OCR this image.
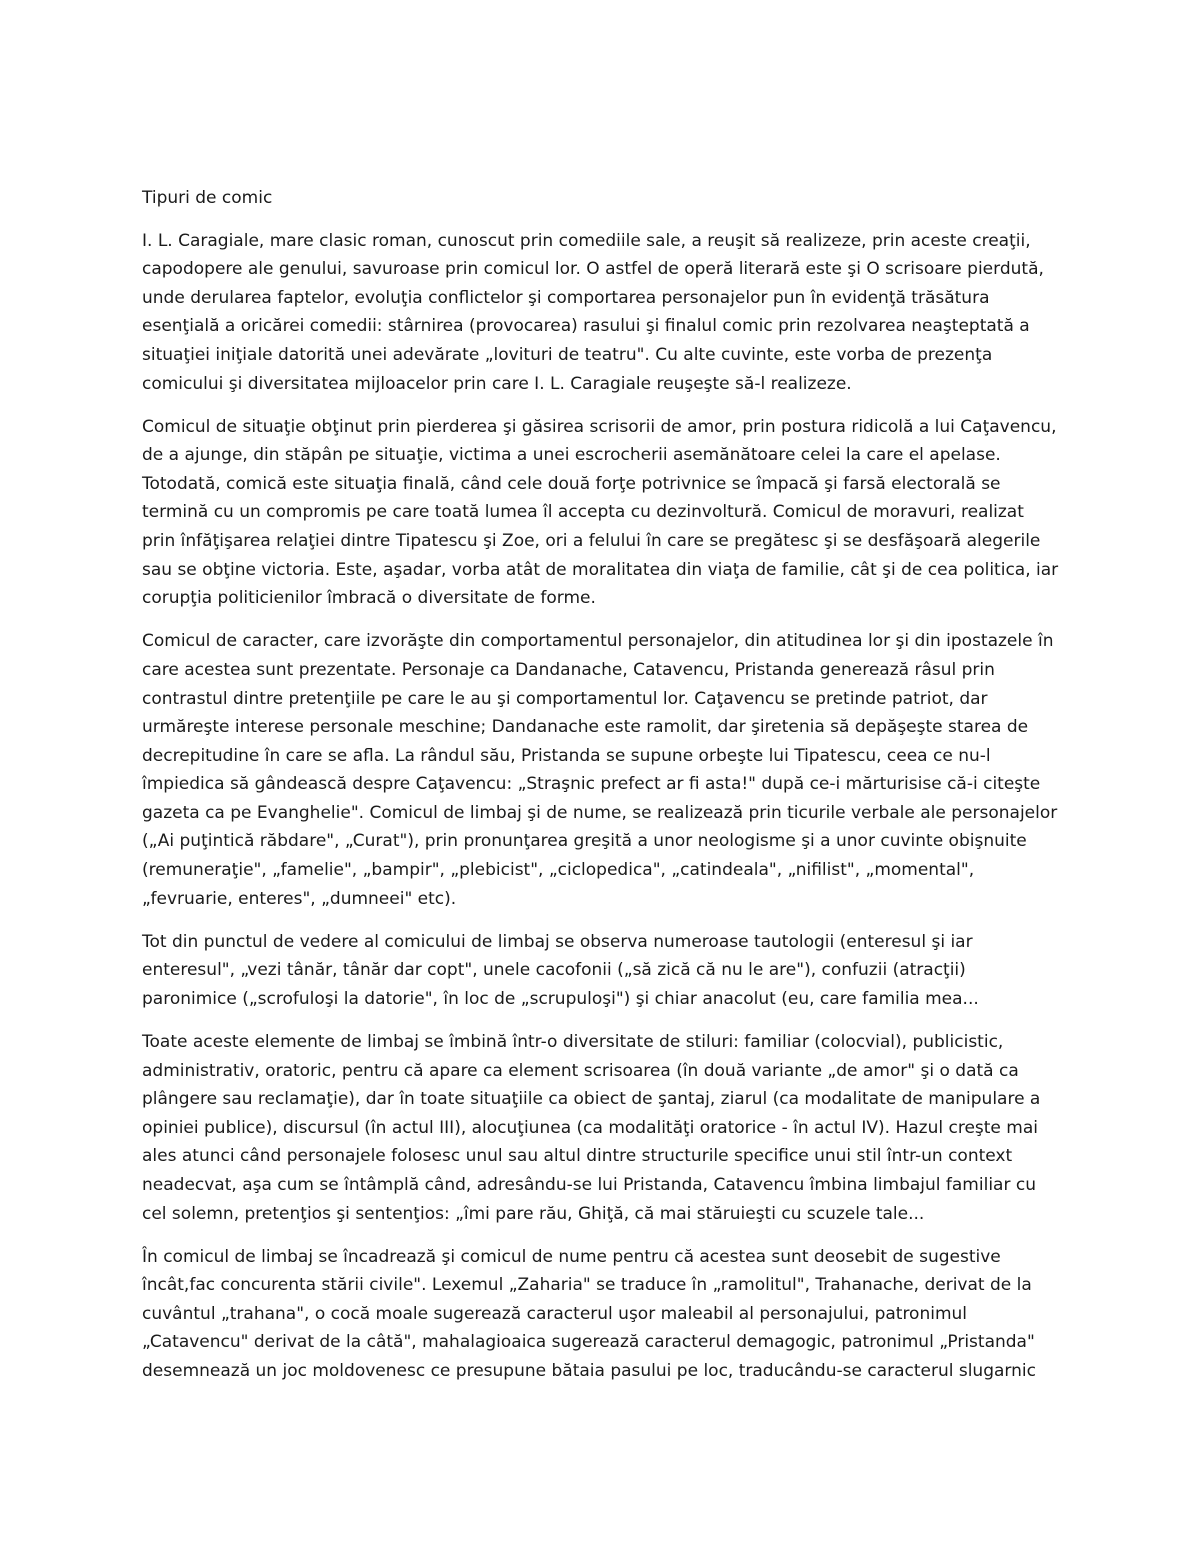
Tipuri de comic

I. L. Caragiale, mare clasic roman, cunoscut prin comediile sale, a reuşit să realizeze, prin aceste creaţii, capodopere ale genului, savuroase prin comicul lor. O astfel de operă literară este şi O scrisoare pierdută, unde derularea faptelor, evoluţia conflictelor şi comportarea personajelor pun în evidenţă trăsătura esenţială a oricărei comedii: stârnirea (provocarea) rasului şi finalul comic prin rezolvarea neaşteptată a situaţiei iniţiale datorită unei adevărate „lovituri de teatru". Cu alte cuvinte, este vorba de prezenţa comicului şi diversitatea mijloacelor prin care I. L. Caragiale reuşeşte să-l realizeze.

Comicul de situaţie obţinut prin pierderea şi găsirea scrisorii de amor, prin postura ridicolă a lui Caţavencu, de a ajunge, din stăpân pe situaţie, victima a unei escrocherii asemănătoare celei la care el apelase. Totodată, comică este situaţia finală, când cele două forţe potrivnice se împacă şi farsă electorală se termină cu un compromis pe care toată lumea îl accepta cu dezinvoltură. Comicul de moravuri, realizat prin înfăţişarea relaţiei dintre Tipatescu şi Zoe, ori a felului în care se pregătesc şi se desfăşoară alegerile sau se obţine victoria. Este, aşadar, vorba atât de moralitatea din viaţa de familie, cât şi de cea politica, iar corupţia politicienilor îmbracă o diversitate de forme.

Comicul de caracter, care izvorăşte din comportamentul personajelor, din atitudinea lor şi din ipostazele în care acestea sunt prezentate. Personaje ca Dandanache, Catavencu, Pristanda generează râsul prin contrastul dintre pretenţiile pe care le au şi comportamentul lor. Caţavencu se pretinde patriot, dar urmăreşte interese personale meschine; Dandanache este ramolit, dar şiretenia să depăşeşte starea de decrepitudine în care se afla. La rândul său, Pristanda se supune orbeşte lui Tipatescu, ceea ce nu-l împiedica să gândească despre Caţavencu: „Straşnic prefect ar fi asta!" după ce-i mărturisise că-i citeşte gazeta ca pe Evanghelie". Comicul de limbaj şi de nume, se realizează prin ticurile verbale ale personajelor („Ai puţintică răbdare", „Curat"), prin pronunţarea greşită a unor neologisme şi a unor cuvinte obişnuite (remuneraţie", „famelie", „bampir", „plebicist", „ciclopedica", „catindeala", „nifilist", „momental", „fevruarie, enteres", „dumneei" etc).

Tot din punctul de vedere al comicului de limbaj se observa numeroase tautologii (enteresul şi iar enteresul", „vezi tânăr, tânăr dar copt", unele cacofonii („să zică că nu le are"), confuzii (atracţii) paronimice („scrofuloşi la datorie", în loc de „scrupuloşi") şi chiar anacolut (eu, care familia mea...

Toate aceste elemente de limbaj se îmbină într-o diversitate de stiluri: familiar (colocvial), publicistic, administrativ, oratoric, pentru că apare ca element scrisoarea (în două variante „de amor" şi o dată ca plângere sau reclamaţie), dar în toate situaţiile ca obiect de şantaj, ziarul (ca modalitate de manipulare a opiniei publice), discursul (în actul III), alocuţiunea (ca modalităţi oratorice - în actul IV). Hazul creşte mai ales atunci când personajele folosesc unul sau altul dintre structurile specifice unui stil într-un context neadecvat, aşa cum se întâmplă când, adresându-se lui Pristanda, Catavencu îmbina limbajul familiar cu cel solemn, pretenţios şi sentenţios: „îmi pare rău, Ghiţă, că mai stăruieşti cu scuzele tale...

În comicul de limbaj se încadrează şi comicul de nume pentru că acestea sunt deosebit de sugestive încât,fac concurenta stării civile". Lexemul „Zaharia" se traduce în „ramolitul", Trahanache, derivat de la cuvântul „trahana", o cocă moale sugerează caracterul uşor maleabil al personajului, patronimul „Catavencu" derivat de la câtă", mahalagioaica sugerează caracterul demagogic, patronimul „Pristanda" desemnează un joc moldovenesc ce presupune bătaia pasului pe loc, traducându-se caracterul slugarnic
